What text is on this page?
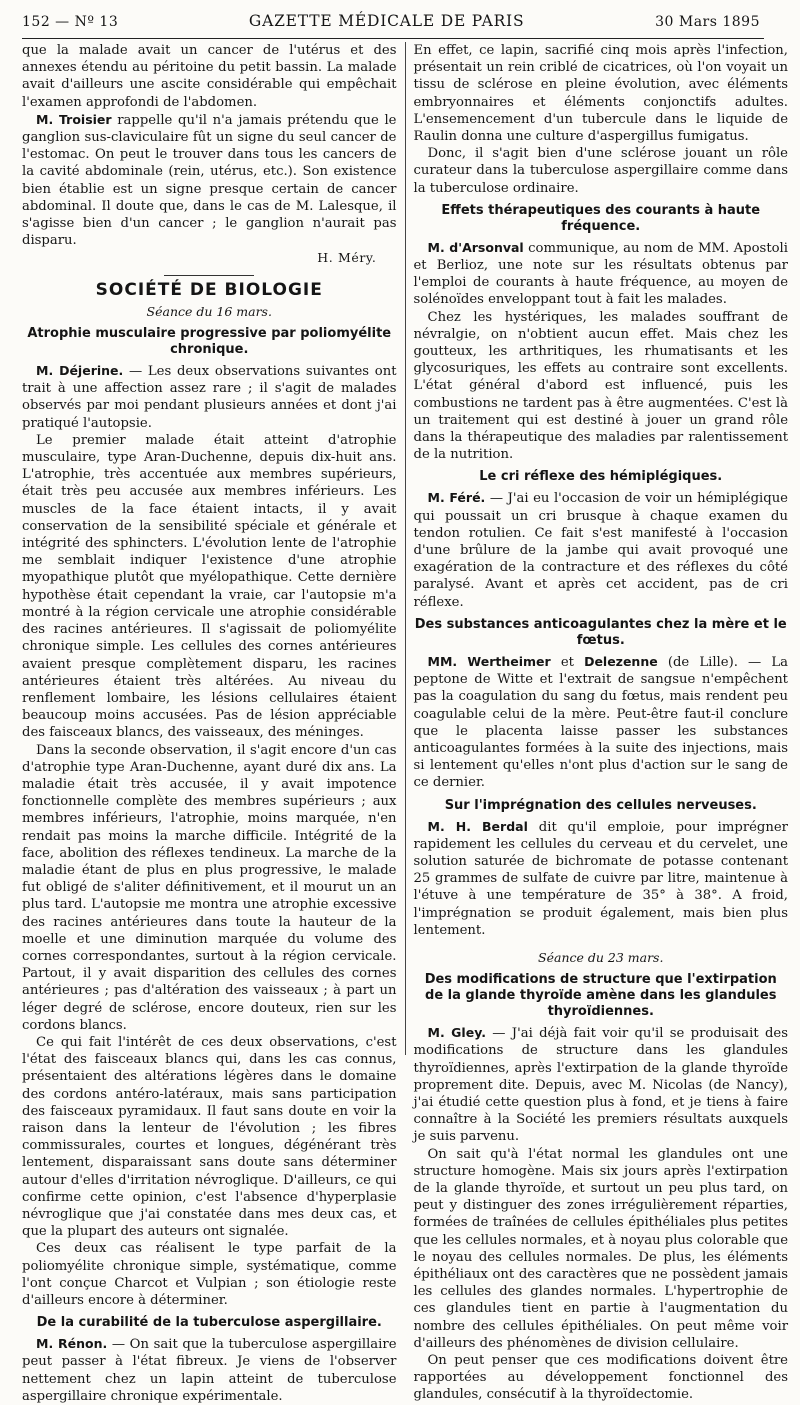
152 — Nº 13	GAZETTE MÉDICALE DE PARIS	30 Mars 1895

que la malade avait un cancer de l'utérus et des annexes étendu au péritoine du petit bassin. La malade avait d'ailleurs une ascite considérable qui empêchait l'examen approfondi de l'abdomen.

M. Troisier rappelle qu'il n'a jamais prétendu que le ganglion sus-claviculaire fût un signe du seul cancer de l'estomac. On peut le trouver dans tous les cancers de la cavité abdominale (rein, utérus, etc.). Son existence bien établie est un signe presque certain de cancer abdominal. Il doute que, dans le cas de M. Lalesque, il s'agisse bien d'un cancer ; le ganglion n'aurait pas disparu.

H. Méry.
SOCIÉTÉ DE BIOLOGIE
Séance du 16 mars.
Atrophie musculaire progressive par poliomyélite chronique.

M. Déjerine. — Les deux observations suivantes ont trait à une affection assez rare ; il s'agit de malades observés par moi pendant plusieurs années et dont j'ai pratiqué l'autopsie.

Le premier malade était atteint d'atrophie musculaire, type Aran-Duchenne, depuis dix-huit ans. L'atrophie, très accentuée aux membres supérieurs, était très peu accusée aux membres inférieurs. Les muscles de la face étaient intacts, il y avait conservation de la sensibilité spéciale et générale et intégrité des sphincters. L'évolution lente de l'atrophie me semblait indiquer l'existence d'une atrophie myopathique plutôt que myélopathique. Cette dernière hypothèse était cependant la vraie, car l'autopsie m'a montré à la région cervicale une atrophie considérable des racines antérieures. Il s'agissait de poliomyélite chronique simple. Les cellules des cornes antérieures avaient presque complètement disparu, les racines antérieures étaient très altérées. Au niveau du renflement lombaire, les lésions cellulaires étaient beaucoup moins accusées. Pas de lésion appréciable des faisceaux blancs, des vaisseaux, des méninges.

Dans la seconde observation, il s'agit encore d'un cas d'atrophie type Aran-Duchenne, ayant duré dix ans. La maladie était très accusée, il y avait impotence fonctionnelle complète des membres supérieurs ; aux membres inférieurs, l'atrophie, moins marquée, n'en rendait pas moins la marche difficile. Intégrité de la face, abolition des réflexes tendineux. La marche de la maladie étant de plus en plus progressive, le malade fut obligé de s'aliter définitivement, et il mourut un an plus tard. L'autopsie me montra une atrophie excessive des racines antérieures dans toute la hauteur de la moelle et une diminution marquée du volume des cornes correspondantes, surtout à la région cervicale. Partout, il y avait disparition des cellules des cornes antérieures ; pas d'altération des vaisseaux ; à part un léger degré de sclérose, encore douteux, rien sur les cordons blancs.

Ce qui fait l'intérêt de ces deux observations, c'est l'état des faisceaux blancs qui, dans les cas connus, présentaient des altérations légères dans le domaine des cordons antéro-latéraux, mais sans participation des faisceaux pyramidaux. Il faut sans doute en voir la raison dans la lenteur de l'évolution ; les fibres commissurales, courtes et longues, dégénérant très lentement, disparaissant sans doute sans déterminer autour d'elles d'irritation névroglique. D'ailleurs, ce qui confirme cette opinion, c'est l'absence d'hyperplasie névroglique que j'ai constatée dans mes deux cas, et que la plupart des auteurs ont signalée.

Ces deux cas réalisent le type parfait de la poliomyélite chronique simple, systématique, comme l'ont conçue Charcot et Vulpian ; son étiologie reste d'ailleurs encore à déterminer.

De la curabilité de la tuberculose aspergillaire.

M. Rénon. — On sait que la tuberculose aspergillaire peut passer à l'état fibreux. Je viens de l'observer nettement chez un lapin atteint de tuberculose aspergillaire chronique expérimentale.

En effet, ce lapin, sacrifié cinq mois après l'infection, présentait un rein criblé de cicatrices, où l'on voyait un tissu de sclérose en pleine évolution, avec éléments embryonnaires et éléments conjonctifs adultes. L'ensemencement d'un tubercule dans le liquide de Raulin donna une culture d'aspergillus fumigatus.

Donc, il s'agit bien d'une sclérose jouant un rôle curateur dans la tuberculose aspergillaire comme dans la tuberculose ordinaire.

Effets thérapeutiques des courants à haute fréquence.

M. d'Arsonval communique, au nom de MM. Apostoli et Berlioz, une note sur les résultats obtenus par l'emploi de courants à haute fréquence, au moyen de solénoïdes enveloppant tout à fait les malades.

Chez les hystériques, les malades souffrant de névralgie, on n'obtient aucun effet. Mais chez les goutteux, les arthritiques, les rhumatisants et les glycosuriques, les effets au contraire sont excellents. L'état général d'abord est influencé, puis les combustions ne tardent pas à être augmentées. C'est là un traitement qui est destiné à jouer un grand rôle dans la thérapeutique des maladies par ralentissement de la nutrition.

Le cri réflexe des hémiplégiques.

M. Féré. — J'ai eu l'occasion de voir un hémiplégique qui poussait un cri brusque à chaque examen du tendon rotulien. Ce fait s'est manifesté à l'occasion d'une brûlure de la jambe qui avait provoqué une exagération de la contracture et des réflexes du côté paralysé. Avant et après cet accident, pas de cri réflexe.

Des substances anticoagulantes chez la mère et le fœtus.

MM. Wertheimer et Delezenne (de Lille). — La peptone de Witte et l'extrait de sangsue n'empêchent pas la coagulation du sang du fœtus, mais rendent peu coagulable celui de la mère. Peut-être faut-il conclure que le placenta laisse passer les substances anticoagulantes formées à la suite des injections, mais si lentement qu'elles n'ont plus d'action sur le sang de ce dernier.

Sur l'imprégnation des cellules nerveuses.

M. H. Berdal dit qu'il emploie, pour imprégner rapidement les cellules du cerveau et du cervelet, une solution saturée de bichromate de potasse contenant 25 grammes de sulfate de cuivre par litre, maintenue à l'étuve à une température de 35° à 38°. A froid, l'imprégnation se produit également, mais bien plus lentement.

Séance du 23 mars.
Des modifications de structure que l'extirpation de la glande thyroïde amène dans les glandules thyroïdiennes.

M. Gley. — J'ai déjà fait voir qu'il se produisait des modifications de structure dans les glandules thyroïdiennes, après l'extirpation de la glande thyroïde proprement dite. Depuis, avec M. Nicolas (de Nancy), j'ai étudié cette question plus à fond, et je tiens à faire connaître à la Société les premiers résultats auxquels je suis parvenu.

On sait qu'à l'état normal les glandules ont une structure homogène. Mais six jours après l'extirpation de la glande thyroïde, et surtout un peu plus tard, on peut y distinguer des zones irrégulièrement réparties, formées de traînées de cellules épithéliales plus petites que les cellules normales, et à noyau plus colorable que le noyau des cellules normales. De plus, les éléments épithéliaux ont des caractères que ne possèdent jamais les cellules des glandes normales. L'hypertrophie de ces glandules tient en partie à l'augmentation du nombre des cellules épithéliales. On peut même voir d'ailleurs des phénomènes de division cellulaire.

On peut penser que ces modifications doivent être rapportées au développement fonctionnel des glandules, consécutif à la thyroïdectomie.
